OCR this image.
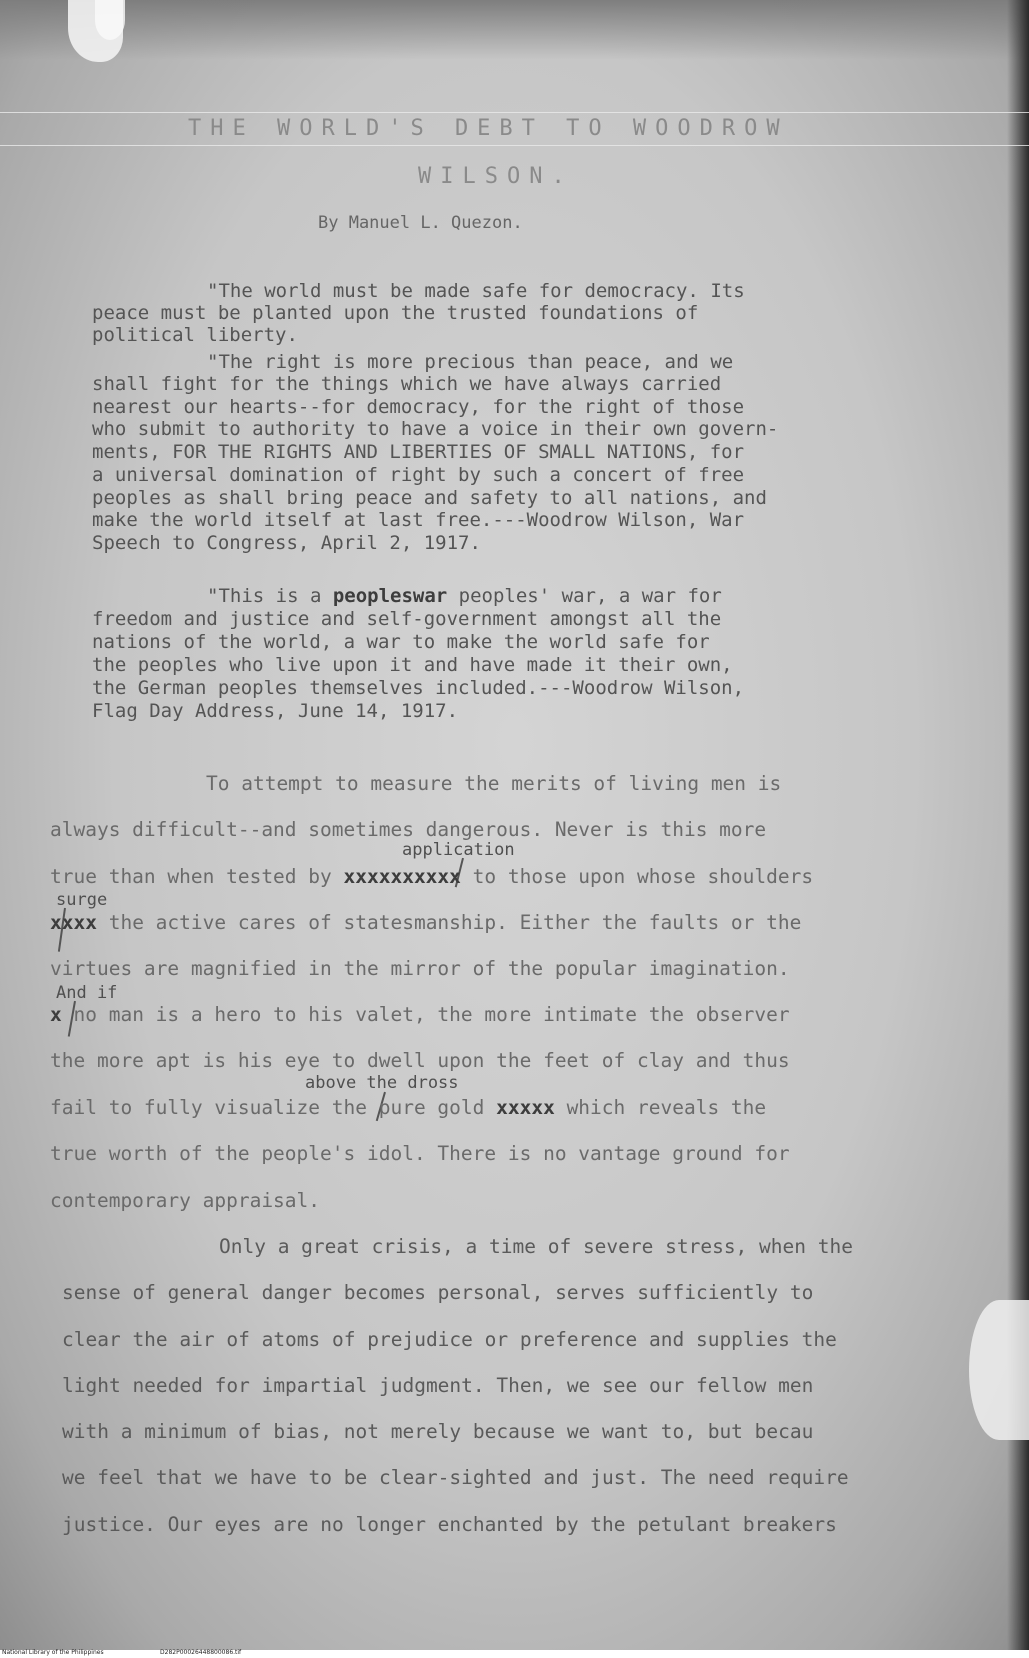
THE WORLD'S DEBT TO WOODROW
WILSON.
By Manuel L. Quezon.
"The world must be made safe for democracy. Its
peace must be planted upon the trusted foundations of
political liberty.
"The right is more precious than peace, and we
shall fight for the things which we have always carried
nearest our hearts--for democracy, for the right of those
who submit to authority to have a voice in their own govern-
ments, FOR THE RIGHTS AND LIBERTIES OF SMALL NATIONS, for
a universal domination of right by such a concert of free
peoples as shall bring peace and safety to all nations, and
make the world itself at last free.---Woodrow Wilson, War
Speech to Congress, April 2, 1917.
"This is a peopleswar peoples' war, a war for
freedom and justice and self-government amongst all the
nations of the world, a war to make the world safe for
the peoples who live upon it and have made it their own,
the German peoples themselves included.---Woodrow Wilson,
Flag Day Address, June 14, 1917.
To attempt to measure the merits of living men is
always difficult--and sometimes dangerous. Never is this more
application
true than when tested by xxxxxxxxxx to those upon whose shoulders
surge
xxxx the active cares of statesmanship. Either the faults or the
virtues are magnified in the mirror of the popular imagination.
And if
x no man is a hero to his valet, the more intimate the observer
the more apt is his eye to dwell upon the feet of clay and thus
above the dross
fail to fully visualize the pure gold xxxxx which reveals the
true worth of the people's idol. There is no vantage ground for
contemporary appraisal.
Only a great crisis, a time of severe stress, when the
sense of general danger becomes personal, serves sufficiently to
clear the air of atoms of prejudice or preference and supplies the
light needed for impartial judgment. Then, we see our fellow men
with a minimum of bias, not merely because we want to, but becau
we feel that we have to be clear-sighted and just. The need require
justice. Our eyes are no longer enchanted by the petulant breakers
National Library of the Philippines	D282P00026448800086.tif
